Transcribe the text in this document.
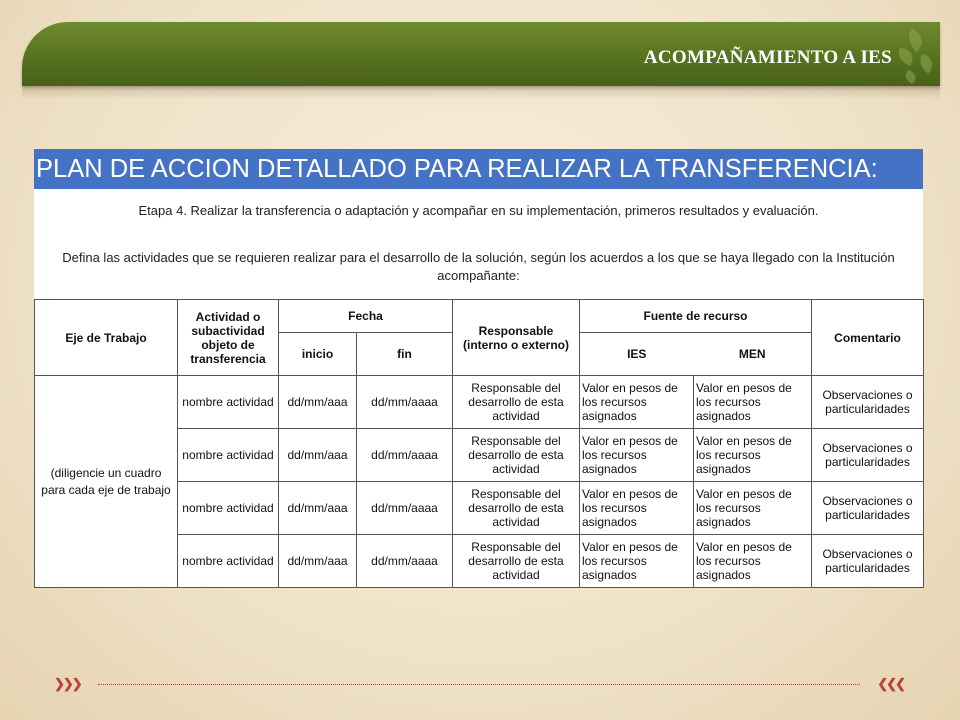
ACOMPAÑAMIENTO A IES
PLAN DE ACCION DETALLADO PARA REALIZAR LA TRANSFERENCIA:
Etapa 4. Realizar la transferencia o adaptación y acompañar en su implementación, primeros resultados y evaluación.
Defina las actividades que se requieren realizar para el desarrollo de la solución, según los acuerdos a los que se haya llegado con la Institución acompañante:
Eje de Trabajo	Actividad o subactividad objeto de transferencia	Fecha		Responsable (interno o externo)	Fuente de recurso		Comentario
		inicio	fin		IES	MEN	
(diligencie un cuadro para cada eje de trabajo	nombre actividad	dd/mm/aaa	dd/mm/aaaa	Responsable del desarrollo de esta actividad	Valor en pesos de los recursos asignados	Valor en pesos de los recursos asignados	Observaciones o particularidades
	nombre actividad	dd/mm/aaa	dd/mm/aaaa	Responsable del desarrollo de esta actividad	Valor en pesos de los recursos asignados	Valor en pesos de los recursos asignados	Observaciones o particularidades
	nombre actividad	dd/mm/aaa	dd/mm/aaaa	Responsable del desarrollo de esta actividad	Valor en pesos de los recursos asignados	Valor en pesos de los recursos asignados	Observaciones o particularidades
	nombre actividad	dd/mm/aaa	dd/mm/aaaa	Responsable del desarrollo de esta actividad	Valor en pesos de los recursos asignados	Valor en pesos de los recursos asignados	Observaciones o particularidades
❯❯❯	❮❮❮
